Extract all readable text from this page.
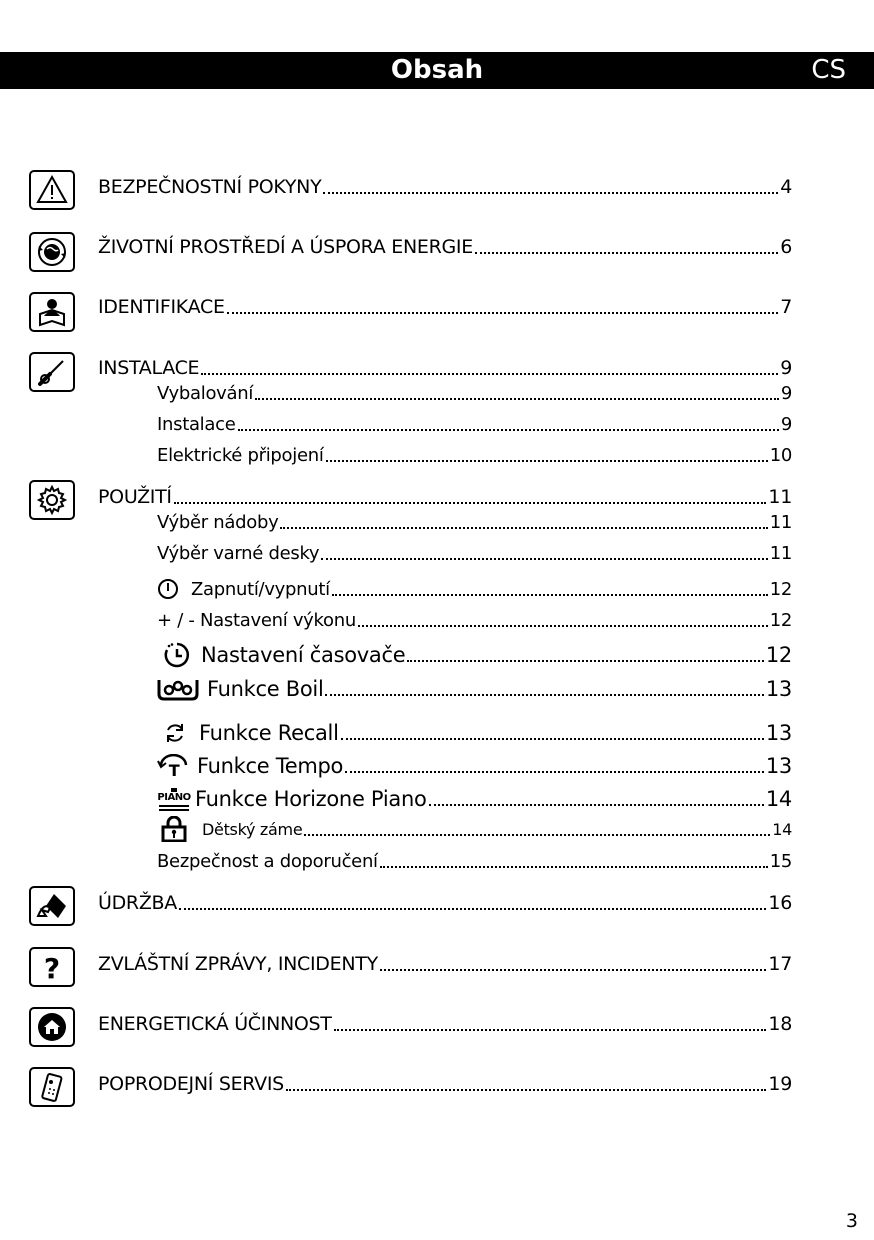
Obsah	CS
?
BEZPEČNOSTNÍ POKYNY	4
ŽIVOTNÍ PROSTŘEDÍ A ÚSPORA ENERGIE	6
IDENTIFIKACE	7
INSTALACE	9
Vybalování	9
Instalace	9
Elektrické připojení	10
POUŽITÍ	11
Výběr nádoby	11
Výběr varné desky	11
Zapnutí/vypnutí	12
+ / - Nastavení výkonu	12
Nastavení časovače	12
Funkce Boil	13
Funkce Recall	13
T Funkce Tempo	13
PIANO Funkce Horizone Piano	14
Dětský záme	14
Bezpečnost a doporučení	15
ÚDRŽBA	16
ZVLÁŠTNÍ ZPRÁVY, INCIDENTY	17
ENERGETICKÁ ÚČINNOST	18
POPRODEJNÍ SERVIS	19
3
